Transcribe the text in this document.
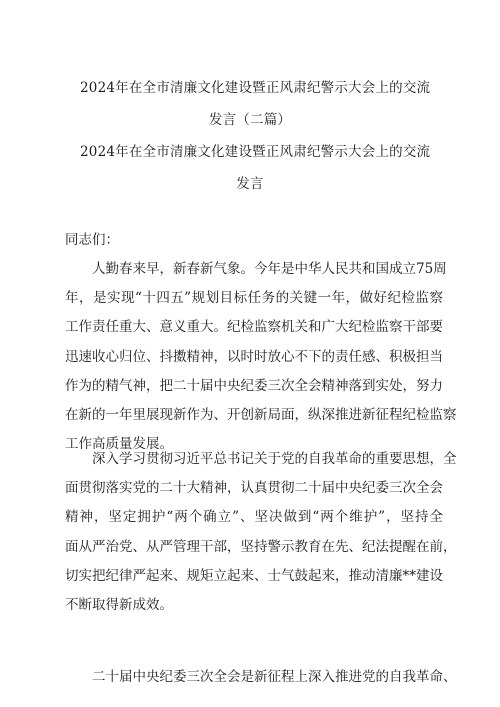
2024年在全市清廉文化建设暨正风肃纪警示大会上的交流
发言（二篇）
2024年在全市清廉文化建设暨正风肃纪警示大会上的交流
发言
同志们：
人勤春来早，新春新气象。今年是中华人民共和国成立75周
年，是实现“十四五”规划目标任务的关键一年，做好纪检监察
工作责任重大、意义重大。纪检监察机关和广大纪检监察干部要
迅速收心归位、抖擞精神，以时时放心不下的责任感、积极担当
作为的精气神，把二十届中央纪委三次全会精神落到实处，努力
在新的一年里展现新作为、开创新局面，纵深推进新征程纪检监察
工作高质量发展。
深入学习贯彻习近平总书记关于党的自我革命的重要思想，全
面贯彻落实党的二十大精神，认真贯彻二十届中央纪委三次全会
精神，坚定拥护“两个确立”、坚决做到“两个维护”，坚持全
面从严治党、从严管理干部，坚持警示教育在先、纪法提醒在前，
切实把纪律严起来、规矩立起来、士气鼓起来，推动清廉**建设
不断取得新成效。
二十届中央纪委三次全会是新征程上深入推进党的自我革命、
